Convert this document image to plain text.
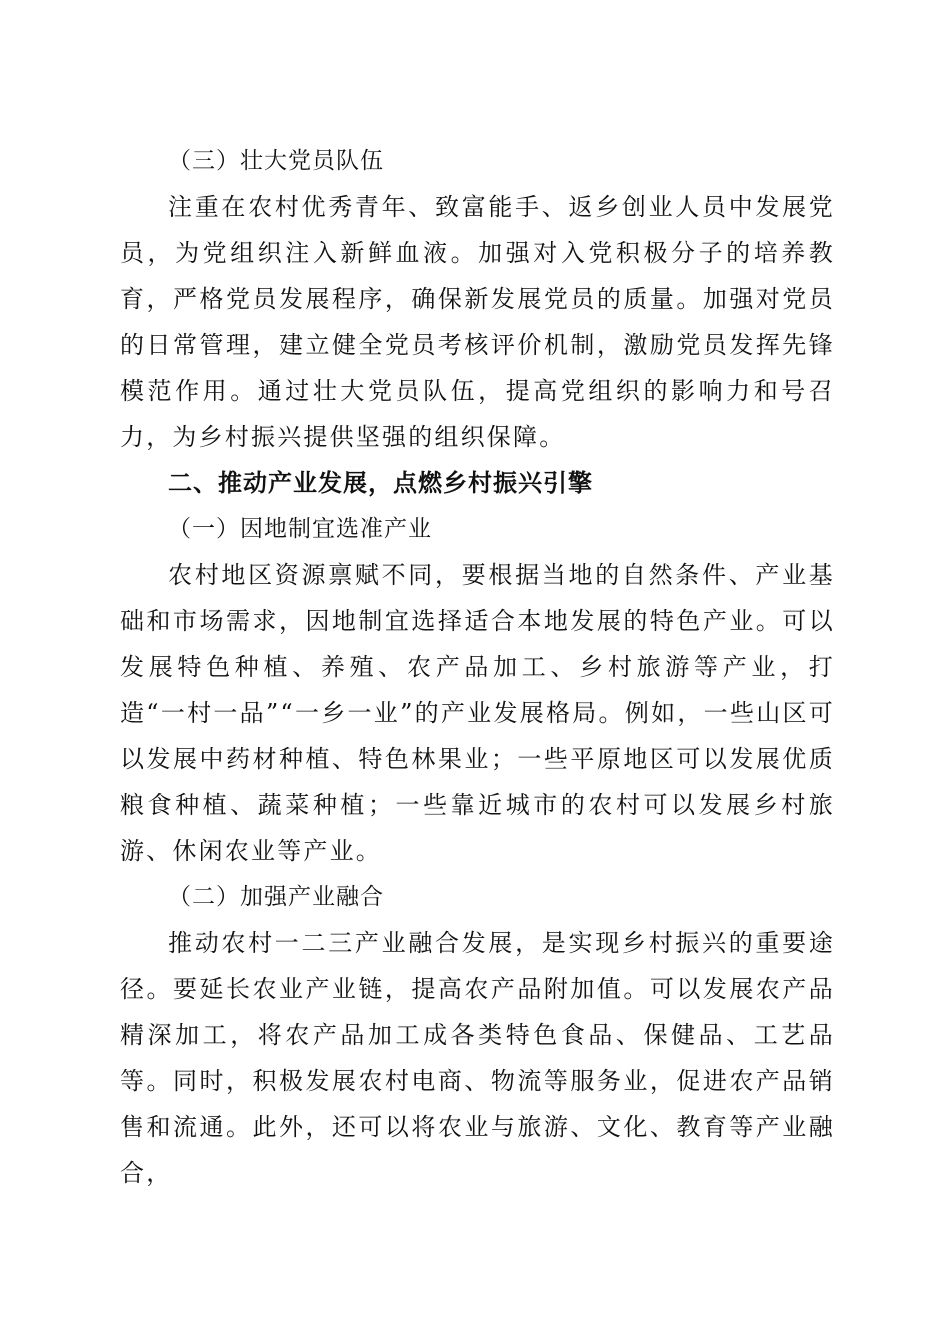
（三）壮大党员队伍

注重在农村优秀青年、致富能手、返乡创业人员中发展党员，为党组织注入新鲜血液。加强对入党积极分子的培养教育，严格党员发展程序，确保新发展党员的质量。加强对党员的日常管理，建立健全党员考核评价机制，激励党员发挥先锋模范作用。通过壮大党员队伍，提高党组织的影响力和号召力，为乡村振兴提供坚强的组织保障。

二、推动产业发展，点燃乡村振兴引擎

（一）因地制宜选准产业

农村地区资源禀赋不同，要根据当地的自然条件、产业基础和市场需求，因地制宜选择适合本地发展的特色产业。可以发展特色种植、养殖、农产品加工、乡村旅游等产业，打造“一村一品”“一乡一业”的产业发展格局。例如，一些山区可以发展中药材种植、特色林果业；一些平原地区可以发展优质粮食种植、蔬菜种植；一些靠近城市的农村可以发展乡村旅游、休闲农业等产业。

（二）加强产业融合

推动农村一二三产业融合发展，是实现乡村振兴的重要途径。要延长农业产业链，提高农产品附加值。可以发展农产品精深加工，将农产品加工成各类特色食品、保健品、工艺品等。同时，积极发展农村电商、物流等服务业，促进农产品销售和流通。此外，还可以将农业与旅游、文化、教育等产业融合，
